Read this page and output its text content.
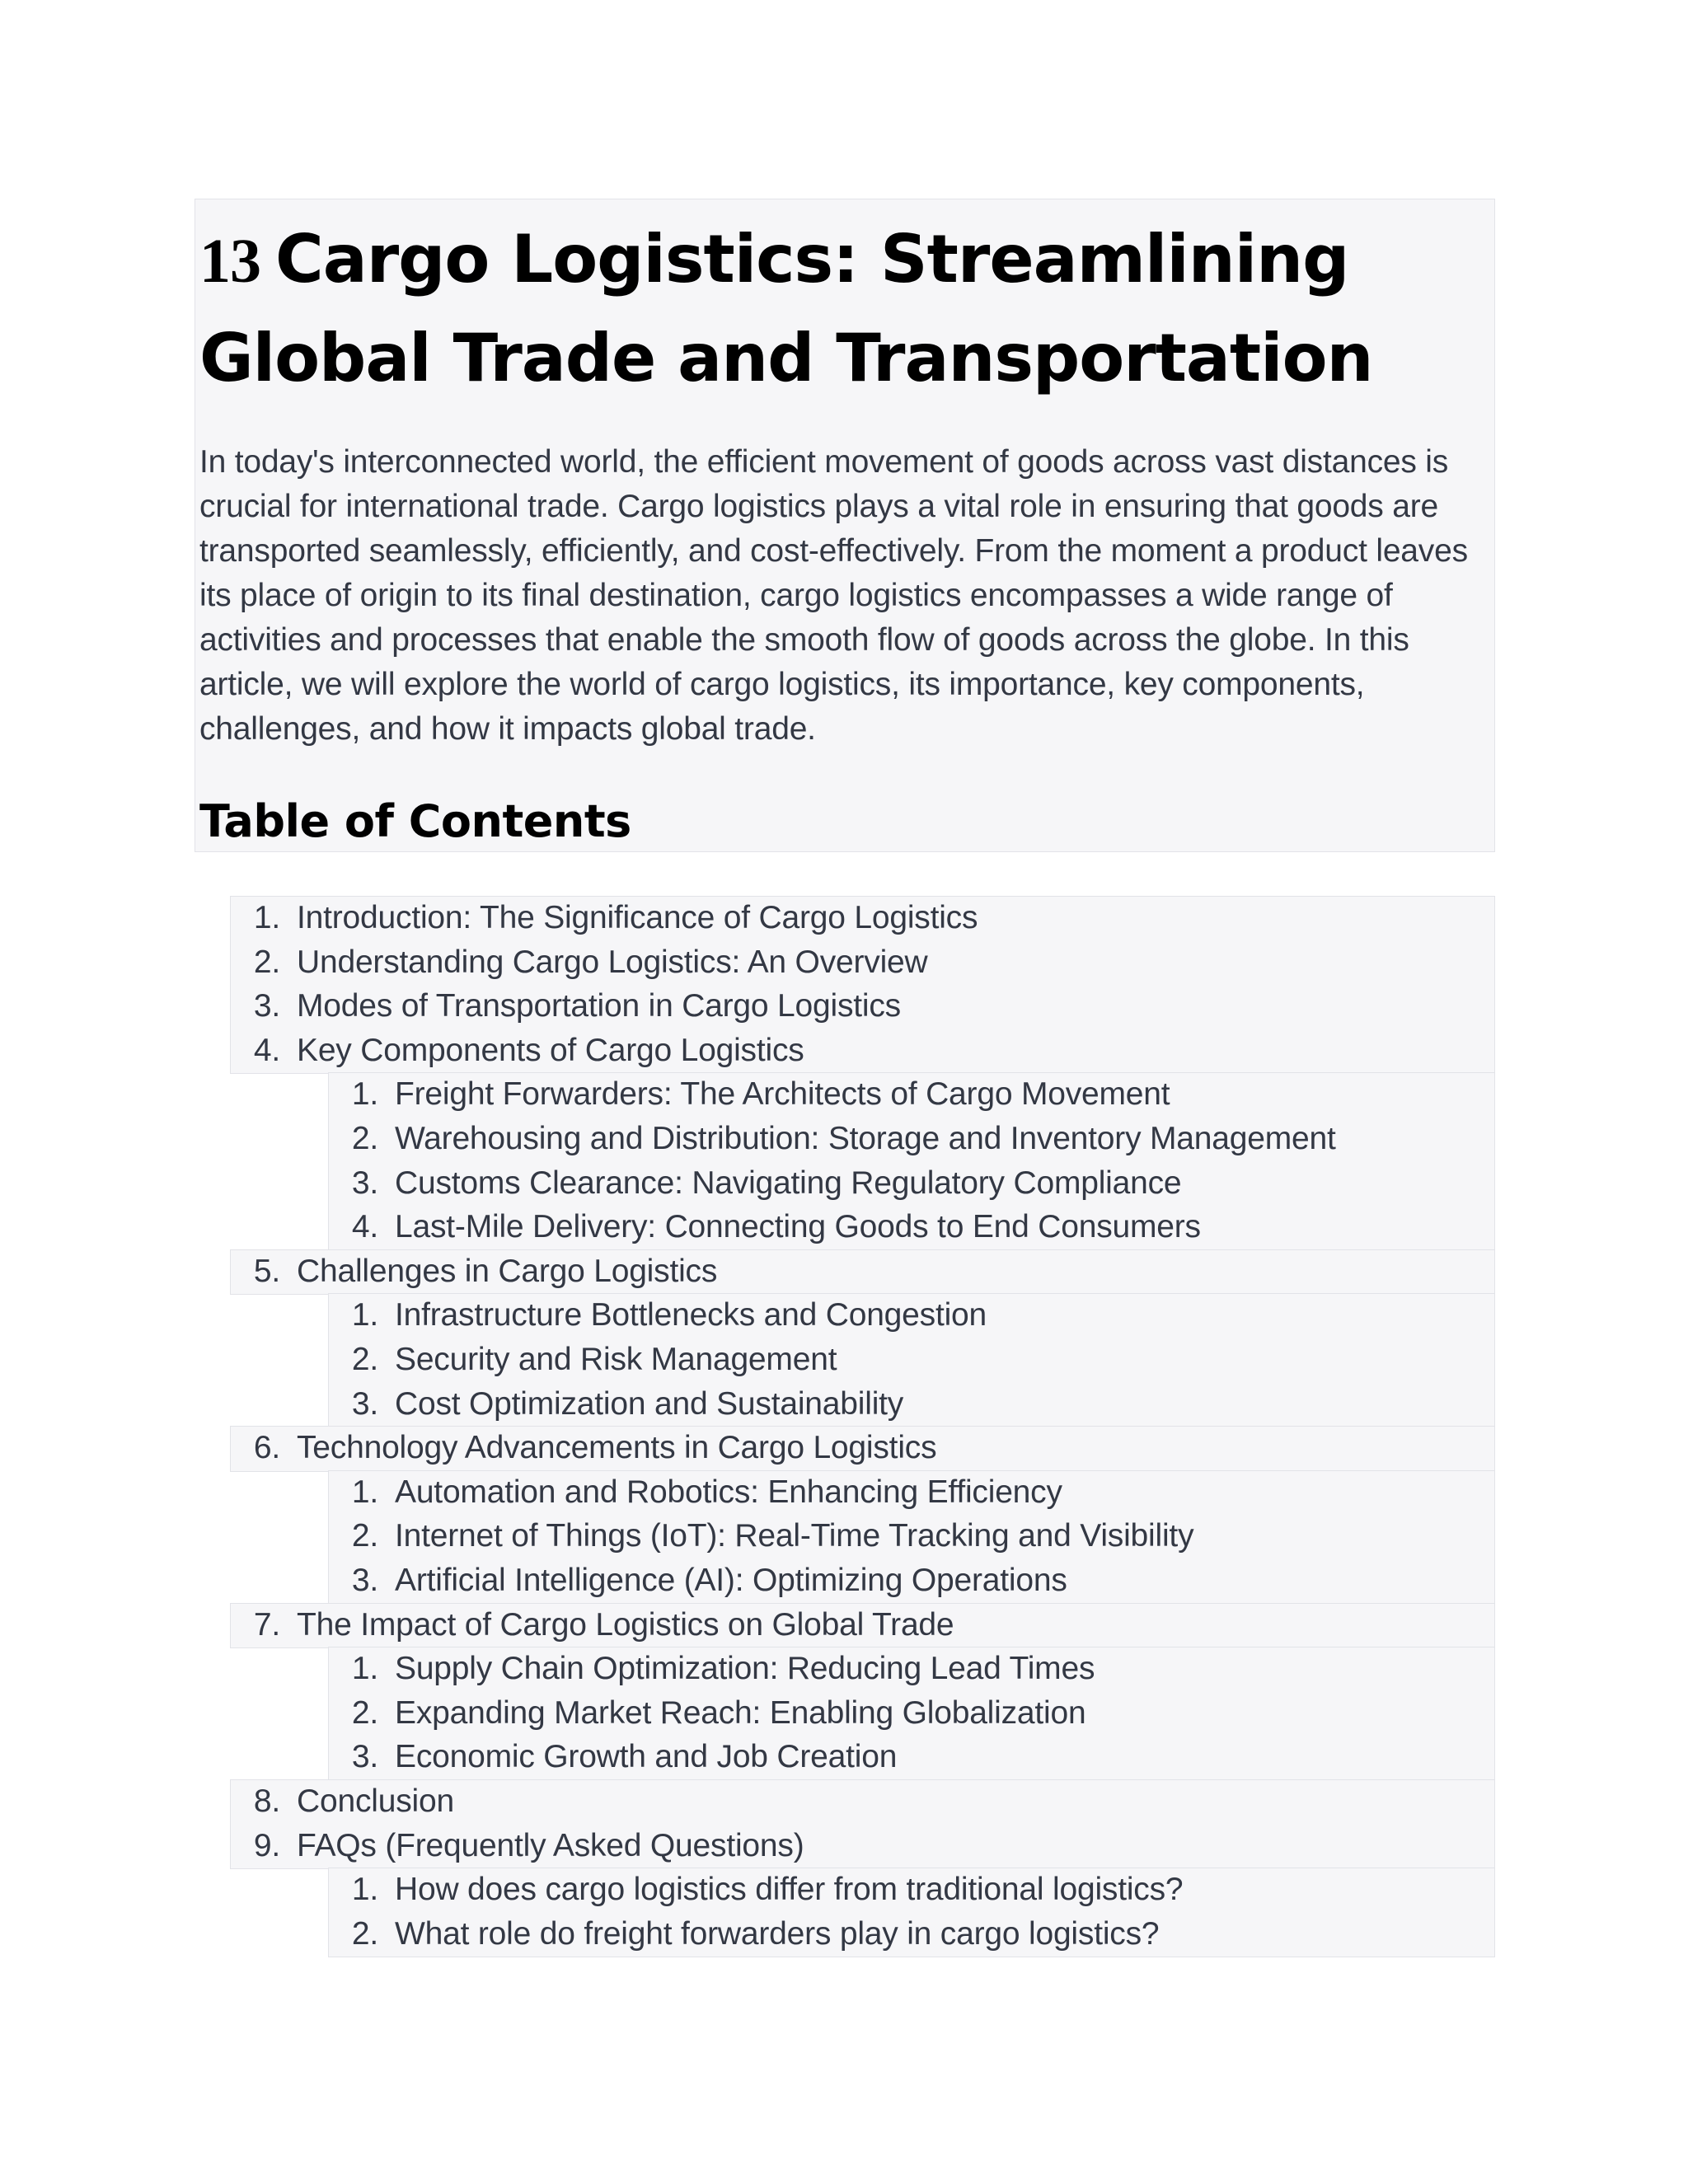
13 Cargo Logistics: Streamlining Global Trade and Transportation

In today's interconnected world, the efficient movement of goods across vast distances is crucial for international trade. Cargo logistics plays a vital role in ensuring that goods are transported seamlessly, efficiently, and cost-effectively. From the moment a product leaves its place of origin to its final destination, cargo logistics encompasses a wide range of activities and processes that enable the smooth flow of goods across the globe. In this article, we will explore the world of cargo logistics, its importance, key components, challenges, and how it impacts global trade.

Table of Contents
1. Introduction: The Significance of Cargo Logistics
2. Understanding Cargo Logistics: An Overview
3. Modes of Transportation in Cargo Logistics
4. Key Components of Cargo Logistics
1. Freight Forwarders: The Architects of Cargo Movement
2. Warehousing and Distribution: Storage and Inventory Management
3. Customs Clearance: Navigating Regulatory Compliance
4. Last-Mile Delivery: Connecting Goods to End Consumers
5. Challenges in Cargo Logistics
1. Infrastructure Bottlenecks and Congestion
2. Security and Risk Management
3. Cost Optimization and Sustainability
6. Technology Advancements in Cargo Logistics
1. Automation and Robotics: Enhancing Efficiency
2. Internet of Things (IoT): Real-Time Tracking and Visibility
3. Artificial Intelligence (AI): Optimizing Operations
7. The Impact of Cargo Logistics on Global Trade
1. Supply Chain Optimization: Reducing Lead Times
2. Expanding Market Reach: Enabling Globalization
3. Economic Growth and Job Creation
8. Conclusion
9. FAQs (Frequently Asked Questions)
1. How does cargo logistics differ from traditional logistics?
2. What role do freight forwarders play in cargo logistics?
